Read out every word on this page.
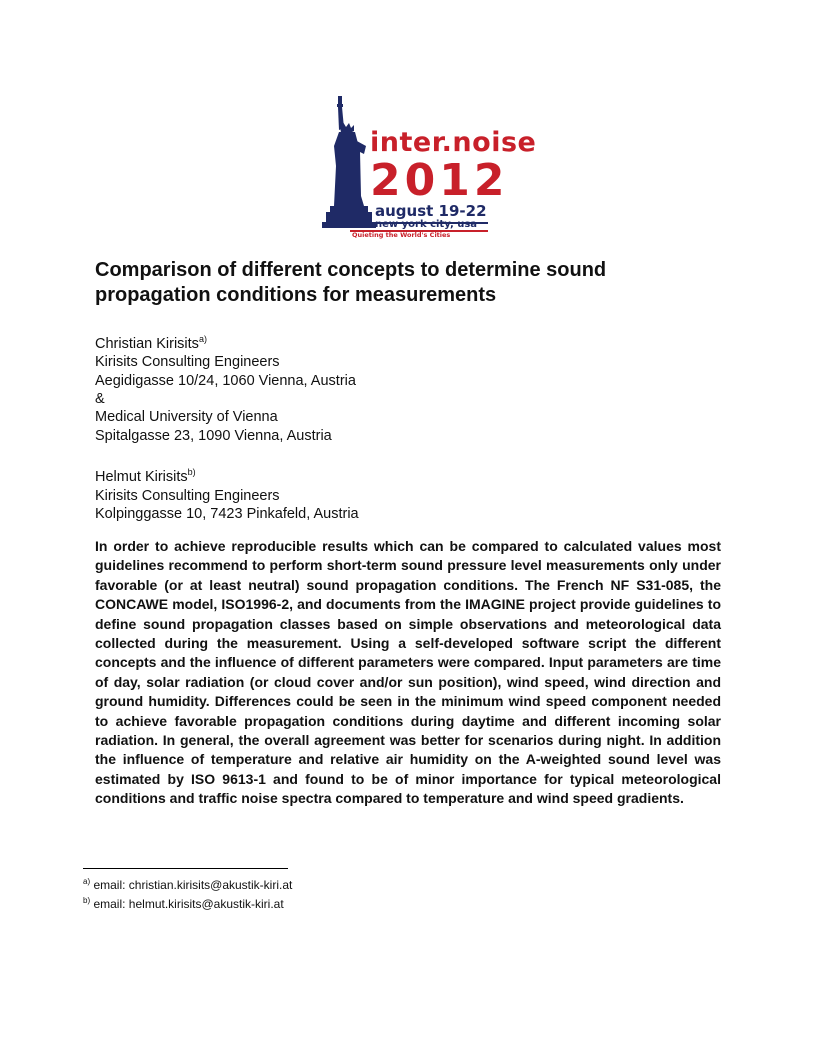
inter.noise
2012
august 19-22
new york city, usa
Quieting the World's Cities
Comparison of different concepts to determine sound propagation conditions for measurements
Christian Kirisits$^{a)}$
Kirisits Consulting Engineers
Aegidigasse 10/24, 1060 Vienna, Austria
&
Medical University of Vienna
Spitalgasse 23, 1090 Vienna, Austria
Helmut Kirisits$^{b)}$
Kirisits Consulting Engineers
Kolpinggasse 10, 7423 Pinkafeld, Austria

In order to achieve reproducible results which can be compared to calculated values most guidelines recommend to perform short-term sound pressure level measurements only under favorable (or at least neutral) sound propagation conditions. The French NF S31-085, the CONCAWE model, ISO1996-2, and documents from the IMAGINE project provide guidelines to define sound propagation classes based on simple observations and meteorological data collected during the measurement. Using a self-developed software script the different concepts and the influence of different parameters were compared. Input parameters are time of day, solar radiation (or cloud cover and/or sun position), wind speed, wind direction and ground humidity. Differences could be seen in the minimum wind speed component needed to achieve favorable propagation conditions during daytime and different incoming solar radiation. In general, the overall agreement was better for scenarios during night. In addition the influence of temperature and relative air humidity on the A-weighted sound level was estimated by ISO 9613-1 and found to be of minor importance for typical meteorological conditions and traffic noise spectra compared to temperature and wind speed gradients.

$^{a)}$ email: christian.kirisits@akustik-kiri.at
$^{b)}$ email: helmut.kirisits@akustik-kiri.at
